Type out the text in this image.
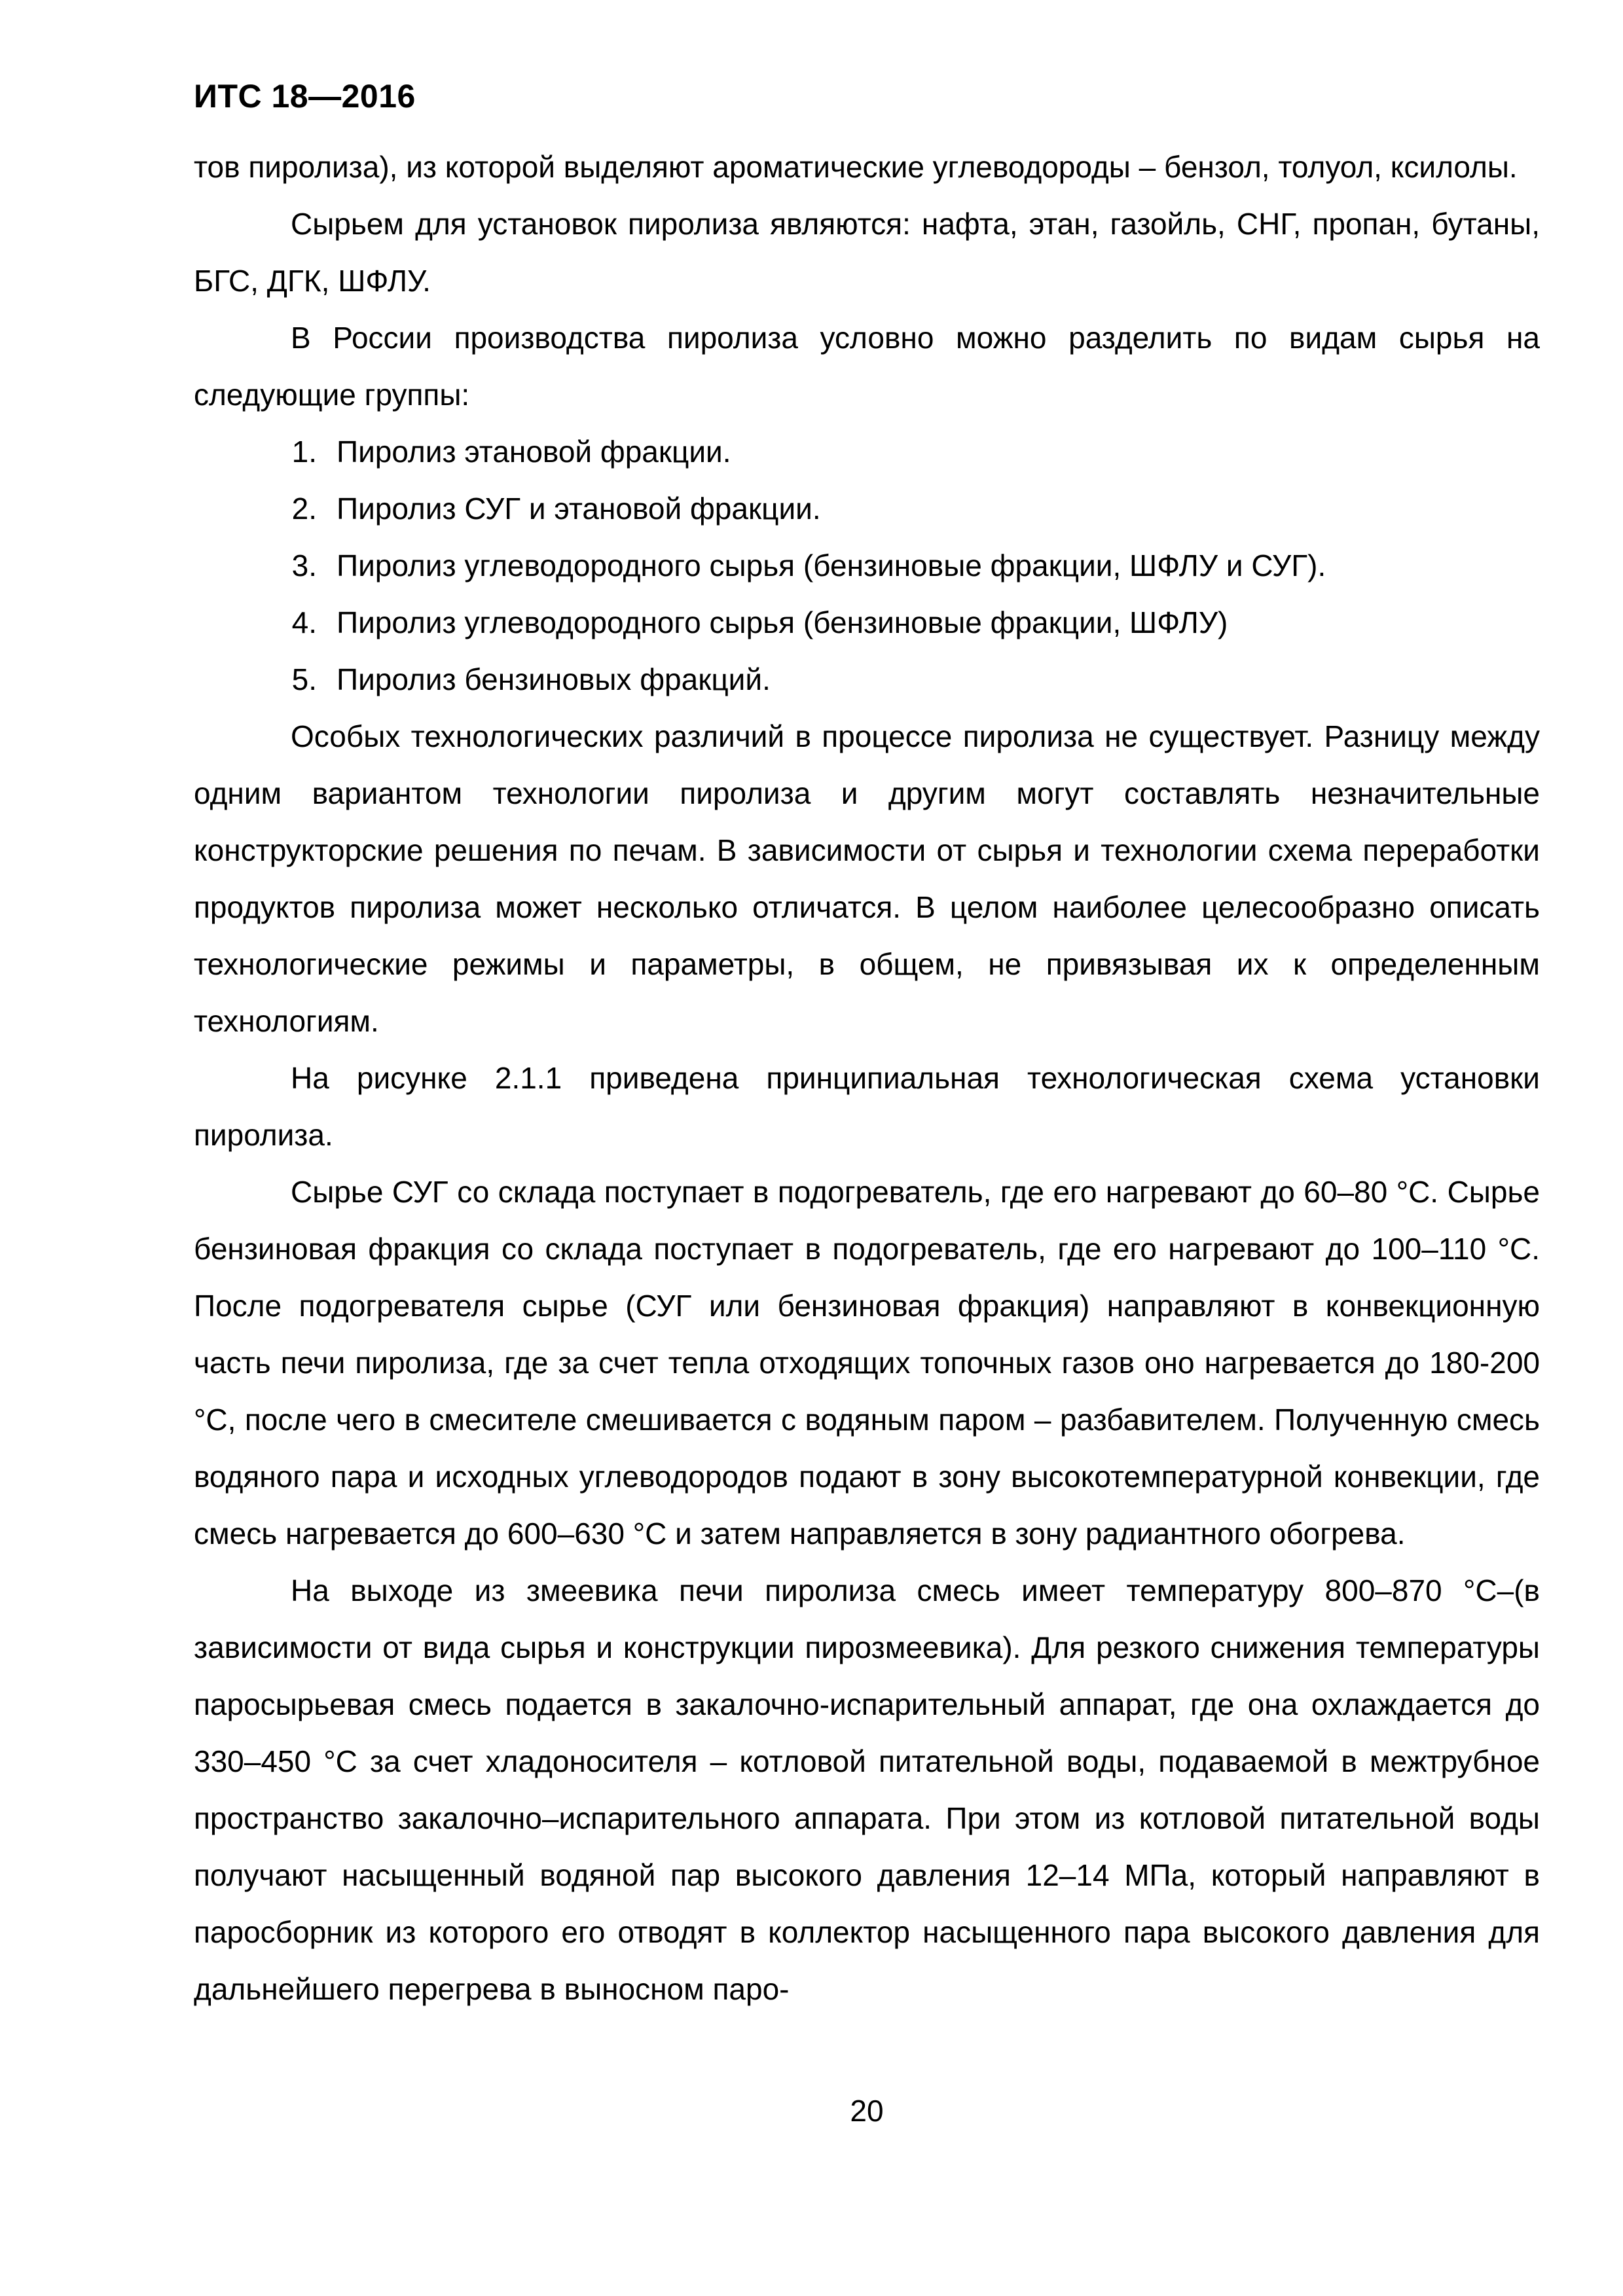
ИТС 18—2016

тов пиролиза), из которой выделяют ароматические углеводороды – бензол, толуол, ксилолы.

Сырьем для установок пиролиза являются: нафта, этан, газойль, СНГ, пропан, бутаны, БГС, ДГК, ШФЛУ.

В России производства пиролиза условно можно разделить по видам сырья на следующие группы:

1. Пиролиз этановой фракции.
2. Пиролиз СУГ и этановой фракции.
3. Пиролиз углеводородного сырья (бензиновые фракции, ШФЛУ и СУГ).
4. Пиролиз углеводородного сырья (бензиновые фракции, ШФЛУ)
5. Пиролиз бензиновых фракций.

Особых технологических различий в процессе пиролиза не существует. Разницу между одним вариантом технологии пиролиза и другим могут составлять незначительные конструкторские решения по печам. В зависимости от сырья и технологии схема переработки продуктов пиролиза может несколько отличатся. В целом наиболее целесообразно описать технологические режимы и параметры, в общем, не привязывая их к определенным технологиям.

На рисунке 2.1.1 приведена принципиальная технологическая схема установки пиролиза.

Сырье СУГ со склада поступает в подогреватель, где его нагревают до 60–80 °С. Сырье бензиновая фракция со склада поступает в подогреватель, где его нагревают до 100–110 °С. После подогревателя сырье (СУГ или бензиновая фракция) направляют в конвекционную часть печи пиролиза, где за счет тепла отходящих топочных газов оно нагревается до 180-200 °С, после чего в смесителе смешивается с водяным паром – разбавителем. Полученную смесь водяного пара и исходных углеводородов подают в зону высокотемпературной конвекции, где смесь нагревается до 600–630 °С и затем направляется в зону радиантного обогрева.

На выходе из змеевика печи пиролиза смесь имеет температуру 800–870 °С–(в зависимости от вида сырья и конструкции пирозмеевика). Для резкого снижения температуры паросырьевая смесь подается в закалочно-испарительный аппарат, где она охлаждается до 330–450 °С за счет хладоносителя – котловой питательной воды, подаваемой в межтрубное пространство закалочно–испарительного аппарата. При этом из котловой питательной воды получают насыщенный водяной пар высокого давления 12–14 МПа, который направляют в паросборник из которого его отводят в коллектор насыщенного пара высокого давления для дальнейшего перегрева в выносном паро-

20
